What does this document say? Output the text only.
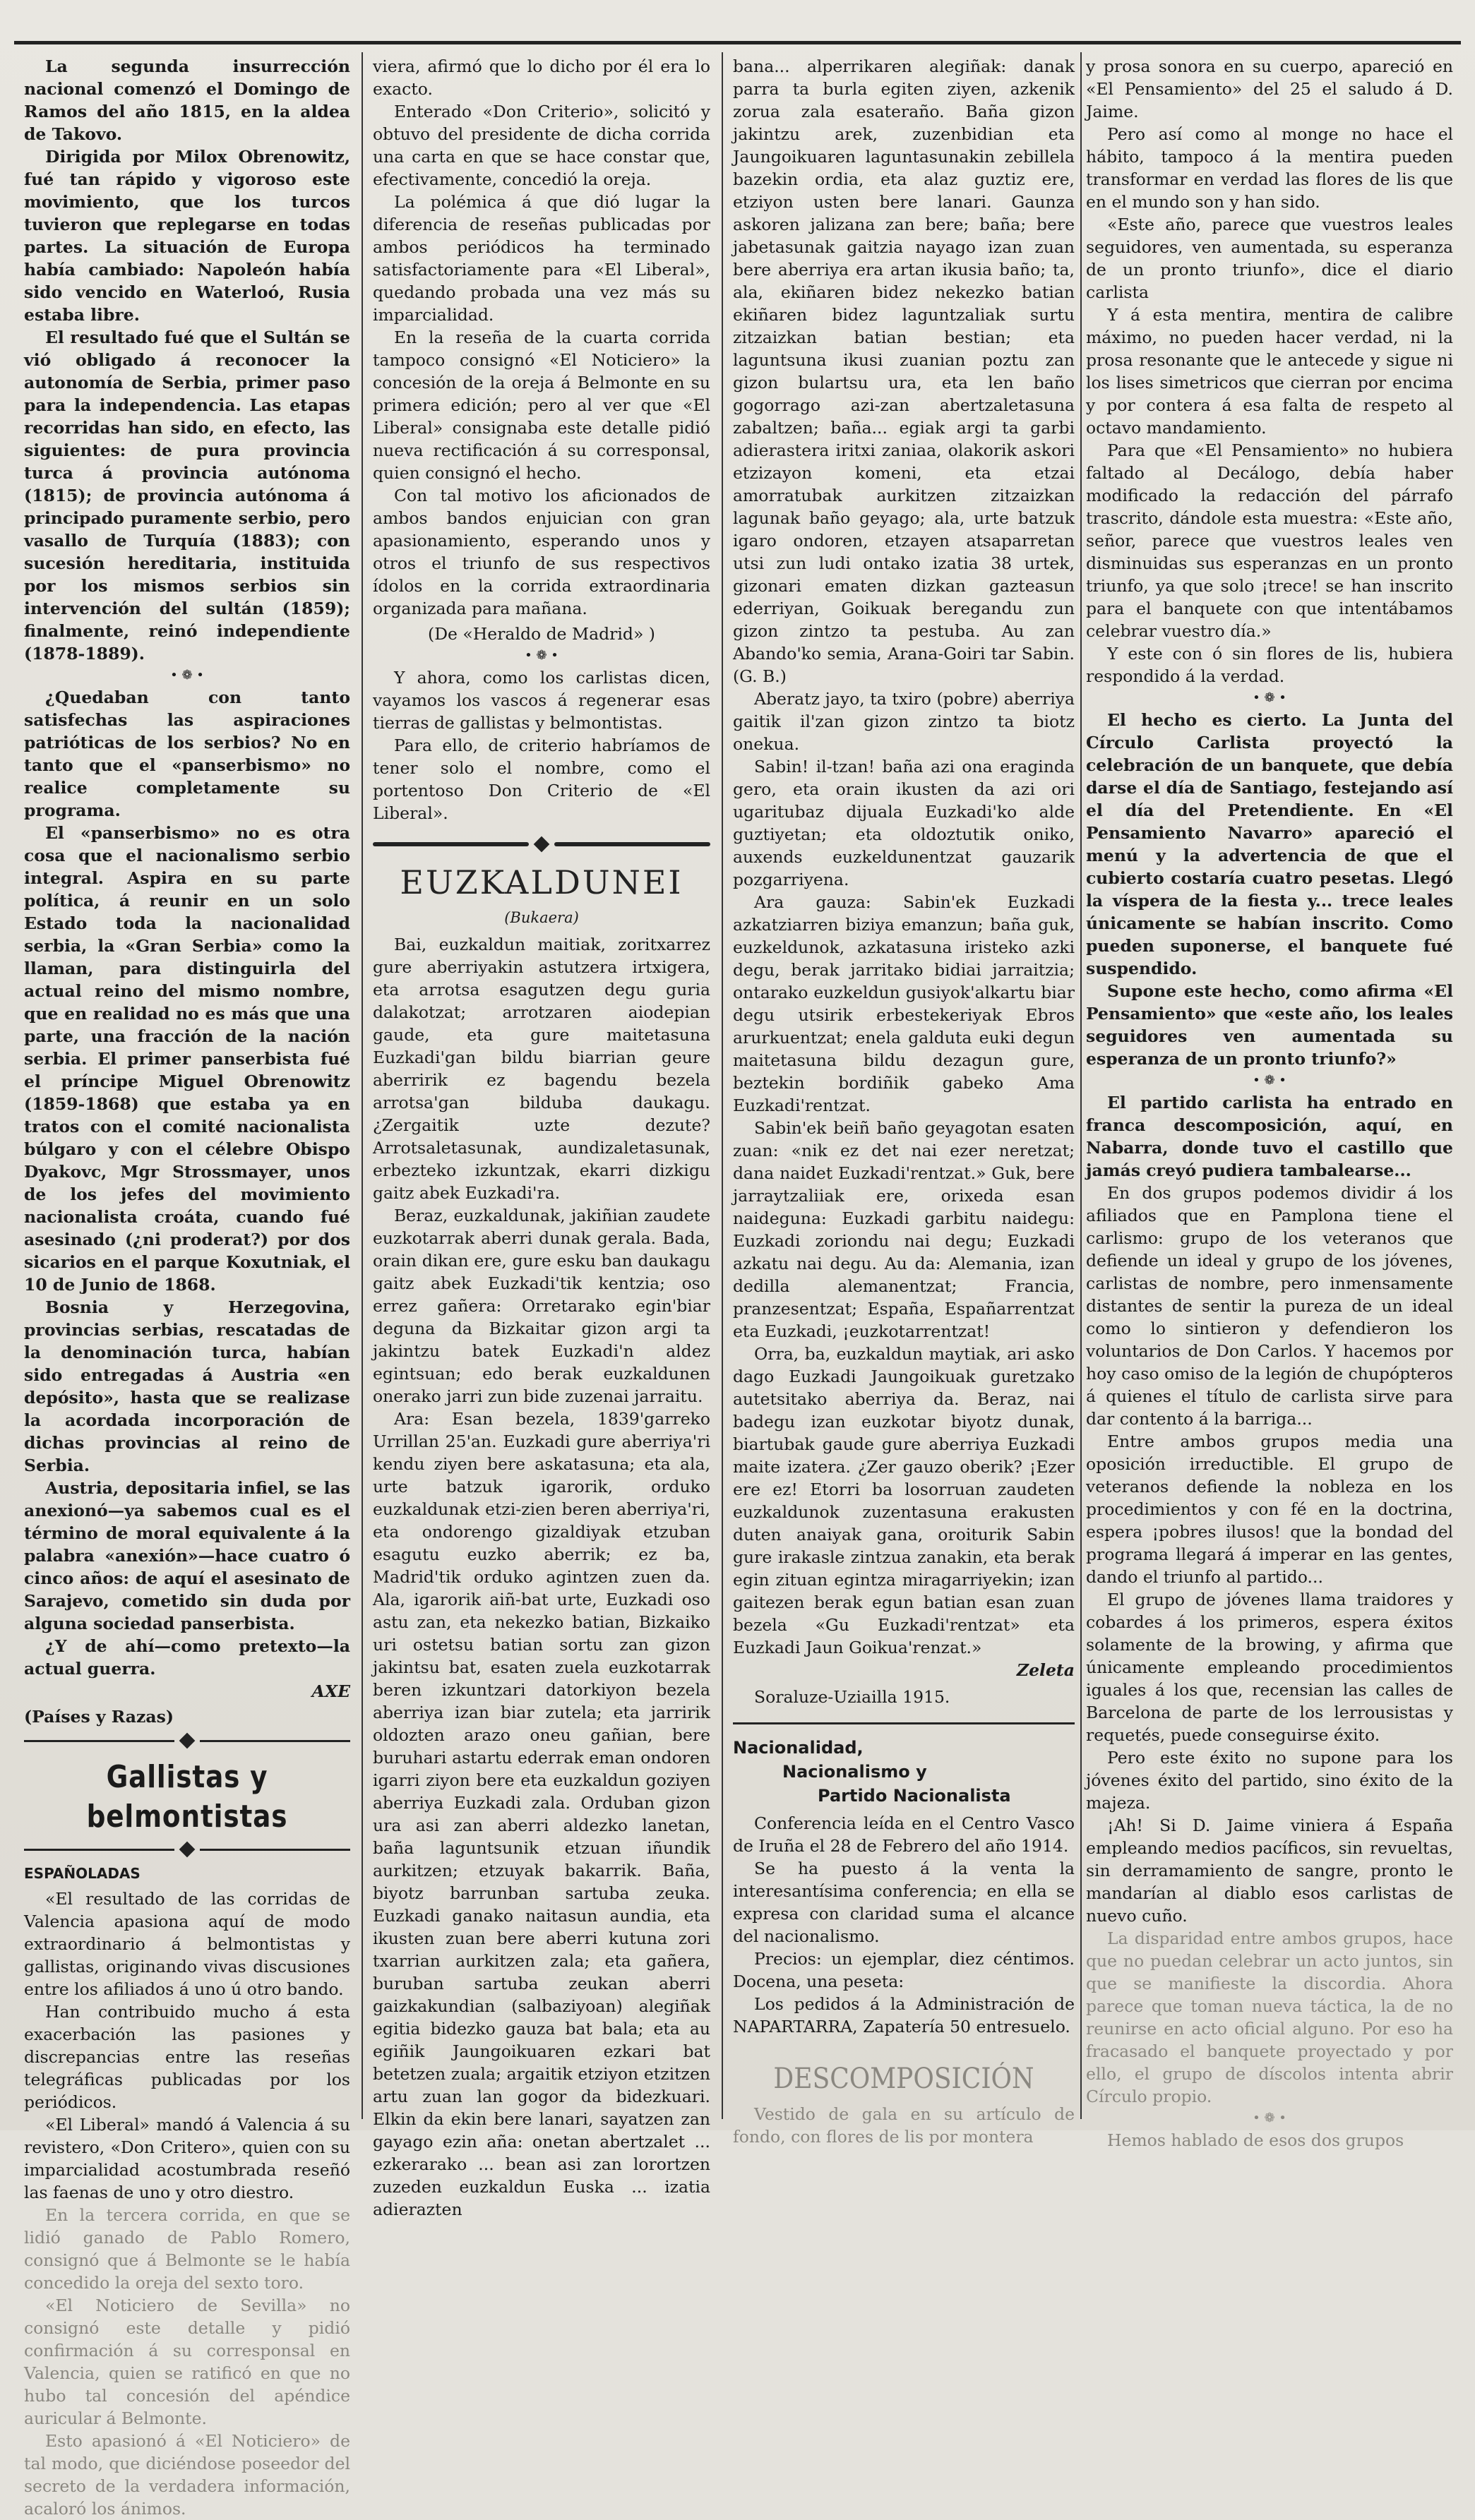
La segunda insurrección nacional comenzó el Domingo de Ramos del año 1815, en la aldea de Takovo.

Dirigida por Milox Obrenowitz, fué tan rápido y vigoroso este movimiento, que los turcos tuvieron que replegarse en todas partes. La situación de Europa había cambiado: Napoleón había sido vencido en Waterloó, Rusia estaba libre.

El resultado fué que el Sultán se vió obligado á reconocer la autonomía de Serbia, primer paso para la independencia. Las etapas recorridas han sido, en efecto, las siguientes: de pura provincia turca á provincia autónoma (1815); de provincia autónoma á principado puramente serbio, pero vasallo de Turquía (1883); con sucesión hereditaria, instituida por los mismos serbios sin intervención del sultán (1859); finalmente, reinó independiente (1878-1889).

• ❁ •

¿Quedaban con tanto satisfechas las aspiraciones patrióticas de los serbios? No en tanto que el «panserbismo» no realice completamente su programa.

El «panserbismo» no es otra cosa que el nacionalismo serbio integral. Aspira en su parte política, á reunir en un solo Estado toda la nacionalidad serbia, la «Gran Serbia» como la llaman, para distinguirla del actual reino del mismo nombre, que en realidad no es más que una parte, una fracción de la nación serbia. El primer panserbista fué el príncipe Miguel Obrenowitz (1859-1868) que estaba ya en tratos con el comité nacionalista búlgaro y con el célebre Obispo Dyakovc, Mgr Strossmayer, unos de los jefes del movimiento nacionalista croáta, cuando fué asesinado (¿ni proderat?) por dos sicarios en el parque Koxutniak, el 10 de Junio de 1868.

Bosnia y Herzegovina, provincias serbias, rescatadas de la denominación turca, habían sido entregadas á Austria «en depósito», hasta que se realizase la acordada incorporación de dichas provincias al reino de Serbia.

Austria, depositaria infiel, se las anexionó—ya sabemos cual es el término de moral equivalente á la palabra «anexión»—hace cuatro ó cinco años: de aquí el asesinato de Sarajevo, cometido sin duda por alguna sociedad panserbista.

¿Y de ahí—como pretexto—la actual guerra.

AXE

(Países y Razas)

Gallistas y belmontistas

ESPAÑOLADAS

«El resultado de las corridas de Valencia apasiona aquí de modo extraordinario á belmontistas y gallistas, originando vivas discusiones entre los afiliados á uno ú otro bando.

Han contribuido mucho á esta exacerbación las pasiones y discrepancias entre las reseñas telegráficas publicadas por los periódicos.

«El Liberal» mandó á Valencia á su revistero, «Don Critero», quien con su imparcialidad acostumbrada reseñó las faenas de uno y otro diestro.

En la tercera corrida, en que se lidió ganado de Pablo Romero, consignó que á Belmonte se le había concedido la oreja del sexto toro.

«El Noticiero de Sevilla» no consignó este detalle y pidió confirmación á su corresponsal en Valencia, quien se ratificó en que no hubo tal concesión del apéndice auricular á Belmonte.

Esto apasionó á «El Noticiero» de tal modo, que diciéndose poseedor del secreto de la verdadera información, acaloró los ánimos.

viera, afirmó que lo dicho por él era lo exacto.

Enterado «Don Criterio», solicitó y obtuvo del presidente de dicha corrida una carta en que se hace constar que, efectivamente, concedió la oreja.

La polémica á que dió lugar la diferencia de reseñas publicadas por ambos periódicos ha terminado satisfactoriamente para «El Liberal», quedando probada una vez más su imparcialidad.

En la reseña de la cuarta corrida tampoco consignó «El Noticiero» la concesión de la oreja á Belmonte en su primera edición; pero al ver que «El Liberal» consignaba este detalle pidió nueva rectificación á su corresponsal, quien consignó el hecho.

Con tal motivo los aficionados de ambos bandos enjuician con gran apasionamiento, esperando unos y otros el triunfo de sus respectivos ídolos en la corrida extraordinaria organizada para mañana.

(De «Heraldo de Madrid» )

• ❁ •

Y ahora, como los carlistas dicen, vayamos los vascos á regenerar esas tierras de gallistas y belmontistas.

Para ello, de criterio habríamos de tener solo el nombre, como el portentoso Don Criterio de «El Liberal».

EUZKALDUNEI

(Bukaera)

Bai, euzkaldun maitiak, zoritxarrez gure aberriyakin astutzera irtxigera, eta arrotsa esagutzen degu guria dalakotzat; arrotzaren aiodepian gaude, eta gure maitetasuna Euzkadi'gan bildu biarrian geure aberririk ez bagendu bezela arrotsa'gan bilduba daukagu. ¿Zergaitik uzte dezute? Arrotsaletasunak, aundizaletasunak, erbezteko izkuntzak, ekarri dizkigu gaitz abek Euzkadi'ra.

Beraz, euzkaldunak, jakiñian zaudete euzkotarrak aberri dunak gerala. Bada, orain dikan ere, gure esku ban daukagu gaitz abek Euzkadi'tik kentzia; oso errez gañera: Orretarako egin'biar deguna da Bizkaitar gizon argi ta jakintzu batek Euzkadi'n aldez egintsuan; edo berak euzkaldunen onerako jarri zun bide zuzenai jarraitu.

Ara: Esan bezela, 1839'garreko Urrillan 25'an. Euzkadi gure aberriya'ri kendu ziyen bere askatasuna; eta ala, urte batzuk igarorik, orduko euzkaldunak etzi-zien beren aberriya'ri, eta ondorengo gizaldiyak etzuban esagutu euzko aberrik; ez ba, Madrid'tik orduko agintzen zuen da. Ala, igarorik aiñ-bat urte, Euzkadi oso astu zan, eta nekezko batian, Bizkaiko uri ostetsu batian sortu zan gizon jakintsu bat, esaten zuela euzkotarrak beren izkuntzari datorkiyon bezela aberriya izan biar zutela; eta jarririk oldozten arazo oneu gañian, bere buruhari astartu ederrak eman ondoren igarri ziyon bere eta euzkaldun goziyen aberriya Euzkadi zala. Orduban gizon ura asi zan aberri aldezko lanetan, baña laguntsunik etzuan iñundik aurkitzen; etzuyak bakarrik. Baña, biyotz barrunban sartuba zeuka. Euzkadi ganako naitasun aundia, eta ikusten zuan bere aberri kutuna zori txarrian aurkitzen zala; eta gañera, buruban sartuba zeukan aberri gaizkakundian (salbaziyoan) alegiñak egitia bidezko gauza bat bala; eta au egiñik Jaungoikuaren ezkari bat betetzen zuala; argaitik etziyon etzitzen artu zuan lan gogor da bidezkuari. Elkin da ekin bere lanari, sayatzen zan gayago ezin aña: onetan abertzalet ... ezkerarako ... bean asi zan lorortzen zuzeden euzkaldun Euska ... izatia adierazten

bana... alperrikaren alegiñak: danak parra ta burla egiten ziyen, azkenik zorua zala esateraño. Baña gizon jakintzu arek, zuzenbidian eta Jaungoikuaren laguntasunakin zebillela bazekin ordia, eta alaz guztiz ere, etziyon usten bere lanari. Gaunza askoren jalizana zan bere; baña; bere jabetasunak gaitzia nayago izan zuan bere aberriya era artan ikusia baño; ta, ala, ekiñaren bidez nekezko batian ekiñaren bidez laguntzaliak surtu zitzaizkan batian bestian; eta laguntsuna ikusi zuanian poztu zan gizon bulartsu ura, eta len baño gogorrago azi-zan abertzaletasuna zabaltzen; baña... egiak argi ta garbi adierastera iritxi zaniaa, olakorik askori etzizayon komeni, eta etzai amorratubak aurkitzen zitzaizkan lagunak baño geyago; ala, urte batzuk igaro ondoren, etzayen atsaparretan utsi zun ludi ontako izatia 38 urtek, gizonari ematen dizkan gazteasun ederriyan, Goikuak beregandu zun gizon zintzo ta pestuba. Au zan Abando'ko semia, Arana-Goiri tar Sabin. (G. B.)

Aberatz jayo, ta txiro (pobre) aberriya gaitik il'zan gizon zintzo ta biotz onekua.

Sabin! il-tzan! baña azi ona eraginda gero, eta orain ikusten da azi ori ugaritubaz dijuala Euzkadi'ko alde guztiyetan; eta oldoztutik oniko, auxends euzkeldunentzat gauzarik pozgarriyena.

Ara gauza: Sabin'ek Euzkadi azkatziarren biziya emanzun; baña guk, euzkeldunok, azkatasuna iristeko azki degu, berak jarritako bidiai jarraitzia; ontarako euzkeldun gusiyok'alkartu biar degu utsirik erbestekeriyak Ebros arurkuentzat; enela galduta euki degun maitetasuna bildu dezagun gure, beztekin bordiñik gabeko Ama Euzkadi'rentzat.

Sabin'ek beiñ baño geyagotan esaten zuan: «nik ez det nai ezer neretzat; dana naidet Euzkadi'rentzat.» Guk, bere jarraytzaliiak ere, orixeda esan naideguna: Euzkadi garbitu naidegu: Euzkadi zoriondu nai degu; Euzkadi azkatu nai degu. Au da: Alemania, izan dedilla alemanentzat; Francia, pranzesentzat; España, Españarrentzat eta Euzkadi, ¡euzkotarrentzat!

Orra, ba, euzkaldun maytiak, ari asko dago Euzkadi Jaungoikuak guretzako autetsitako aberriya da. Beraz, nai badegu izan euzkotar biyotz dunak, biartubak gaude gure aberriya Euzkadi maite izatera. ¿Zer gauzo oberik? ¡Ezer ere ez! Etorri ba losorruan zaudeten euzkaldunok zuzentasuna erakusten duten anaiyak gana, oroiturik Sabin gure irakasle zintzua zanakin, eta berak egin zituan egintza miragarriyekin; izan gaitezen berak egun batian esan zuan bezela «Gu Euzkadi'rentzat» eta Euzkadi Jaun Goikua'renzat.»

Zeleta

Soraluze-Uziailla 1915.

Nacionalidad,
Nacionalismo y
Partido Nacionalista

Conferencia leída en el Centro Vasco de Iruña el 28 de Febrero del año 1914.

Se ha puesto á la venta la interesantísima conferencia; en ella se expresa con claridad suma el alcance del nacionalismo.

Precios: un ejemplar, diez céntimos. Docena, una peseta:

Los pedidos á la Administración de NAPARTARRA, Zapatería 50 entresuelo.

DESCOMPOSICIÓN

Vestido de gala en su artículo de fondo, con flores de lis por montera

y prosa sonora en su cuerpo, apareció en «El Pensamiento» del 25 el saludo á D. Jaime.

Pero así como al monge no hace el hábito, tampoco á la mentira pueden transformar en verdad las flores de lis que en el mundo son y han sido.

«Este año, parece que vuestros leales seguidores, ven aumentada, su esperanza de un pronto triunfo», dice el diario carlista

Y á esta mentira, mentira de calibre máximo, no pueden hacer verdad, ni la prosa resonante que le antecede y sigue ni los lises simetricos que cierran por encima y por contera á esa falta de respeto al octavo mandamiento.

Para que «El Pensamiento» no hubiera faltado al Decálogo, debía haber modificado la redacción del párrafo trascrito, dándole esta muestra: «Este año, señor, parece que vuestros leales ven disminuidas sus esperanzas en un pronto triunfo, ya que solo ¡trece! se han inscrito para el banquete con que intentábamos celebrar vuestro día.»

Y este con ó sin flores de lis, hubiera respondido á la verdad.

• ❁ •

El hecho es cierto. La Junta del Círculo Carlista proyectó la celebración de un banquete, que debía darse el día de Santiago, festejando así el día del Pretendiente. En «El Pensamiento Navarro» apareció el menú y la advertencia de que el cubierto costaría cuatro pesetas. Llegó la víspera de la fiesta y... trece leales únicamente se habían inscrito. Como pueden suponerse, el banquete fué suspendido.

Supone este hecho, como afirma «El Pensamiento» que «este año, los leales seguidores ven aumentada su esperanza de un pronto triunfo?»

• ❁ •

El partido carlista ha entrado en franca descomposición, aquí, en Nabarra, donde tuvo el castillo que jamás creyó pudiera tambalearse...

En dos grupos podemos dividir á los afiliados que en Pamplona tiene el carlismo: grupo de los veteranos que defiende un ideal y grupo de los jóvenes, carlistas de nombre, pero inmensamente distantes de sentir la pureza de un ideal como lo sintieron y defendieron los voluntarios de Don Carlos. Y hacemos por hoy caso omiso de la legión de chupópteros á quienes el título de carlista sirve para dar contento á la barriga...

Entre ambos grupos media una oposición irreductible. El grupo de veteranos defiende la nobleza en los procedimientos y con fé en la doctrina, espera ¡pobres ilusos! que la bondad del programa llegará á imperar en las gentes, dando el triunfo al partido...

El grupo de jóvenes llama traidores y cobardes á los primeros, espera éxitos solamente de la browing, y afirma que únicamente empleando procedimientos iguales á los que, recensian las calles de Barcelona de parte de los lerrousistas y requetés, puede conseguirse éxito.

Pero este éxito no supone para los jóvenes éxito del partido, sino éxito de la majeza.

¡Ah! Si D. Jaime viniera á España empleando medios pacíficos, sin revueltas, sin derramamiento de sangre, pronto le mandarían al diablo esos carlistas de nuevo cuño.

La disparidad entre ambos grupos, hace que no puedan celebrar un acto juntos, sin que se manifieste la discordia. Ahora parece que toman nueva táctica, la de no reunirse en acto oficial alguno. Por eso ha fracasado el banquete proyectado y por ello, el grupo de díscolos intenta abrir Círculo propio.

• ❁ •

Hemos hablado de esos dos grupos
